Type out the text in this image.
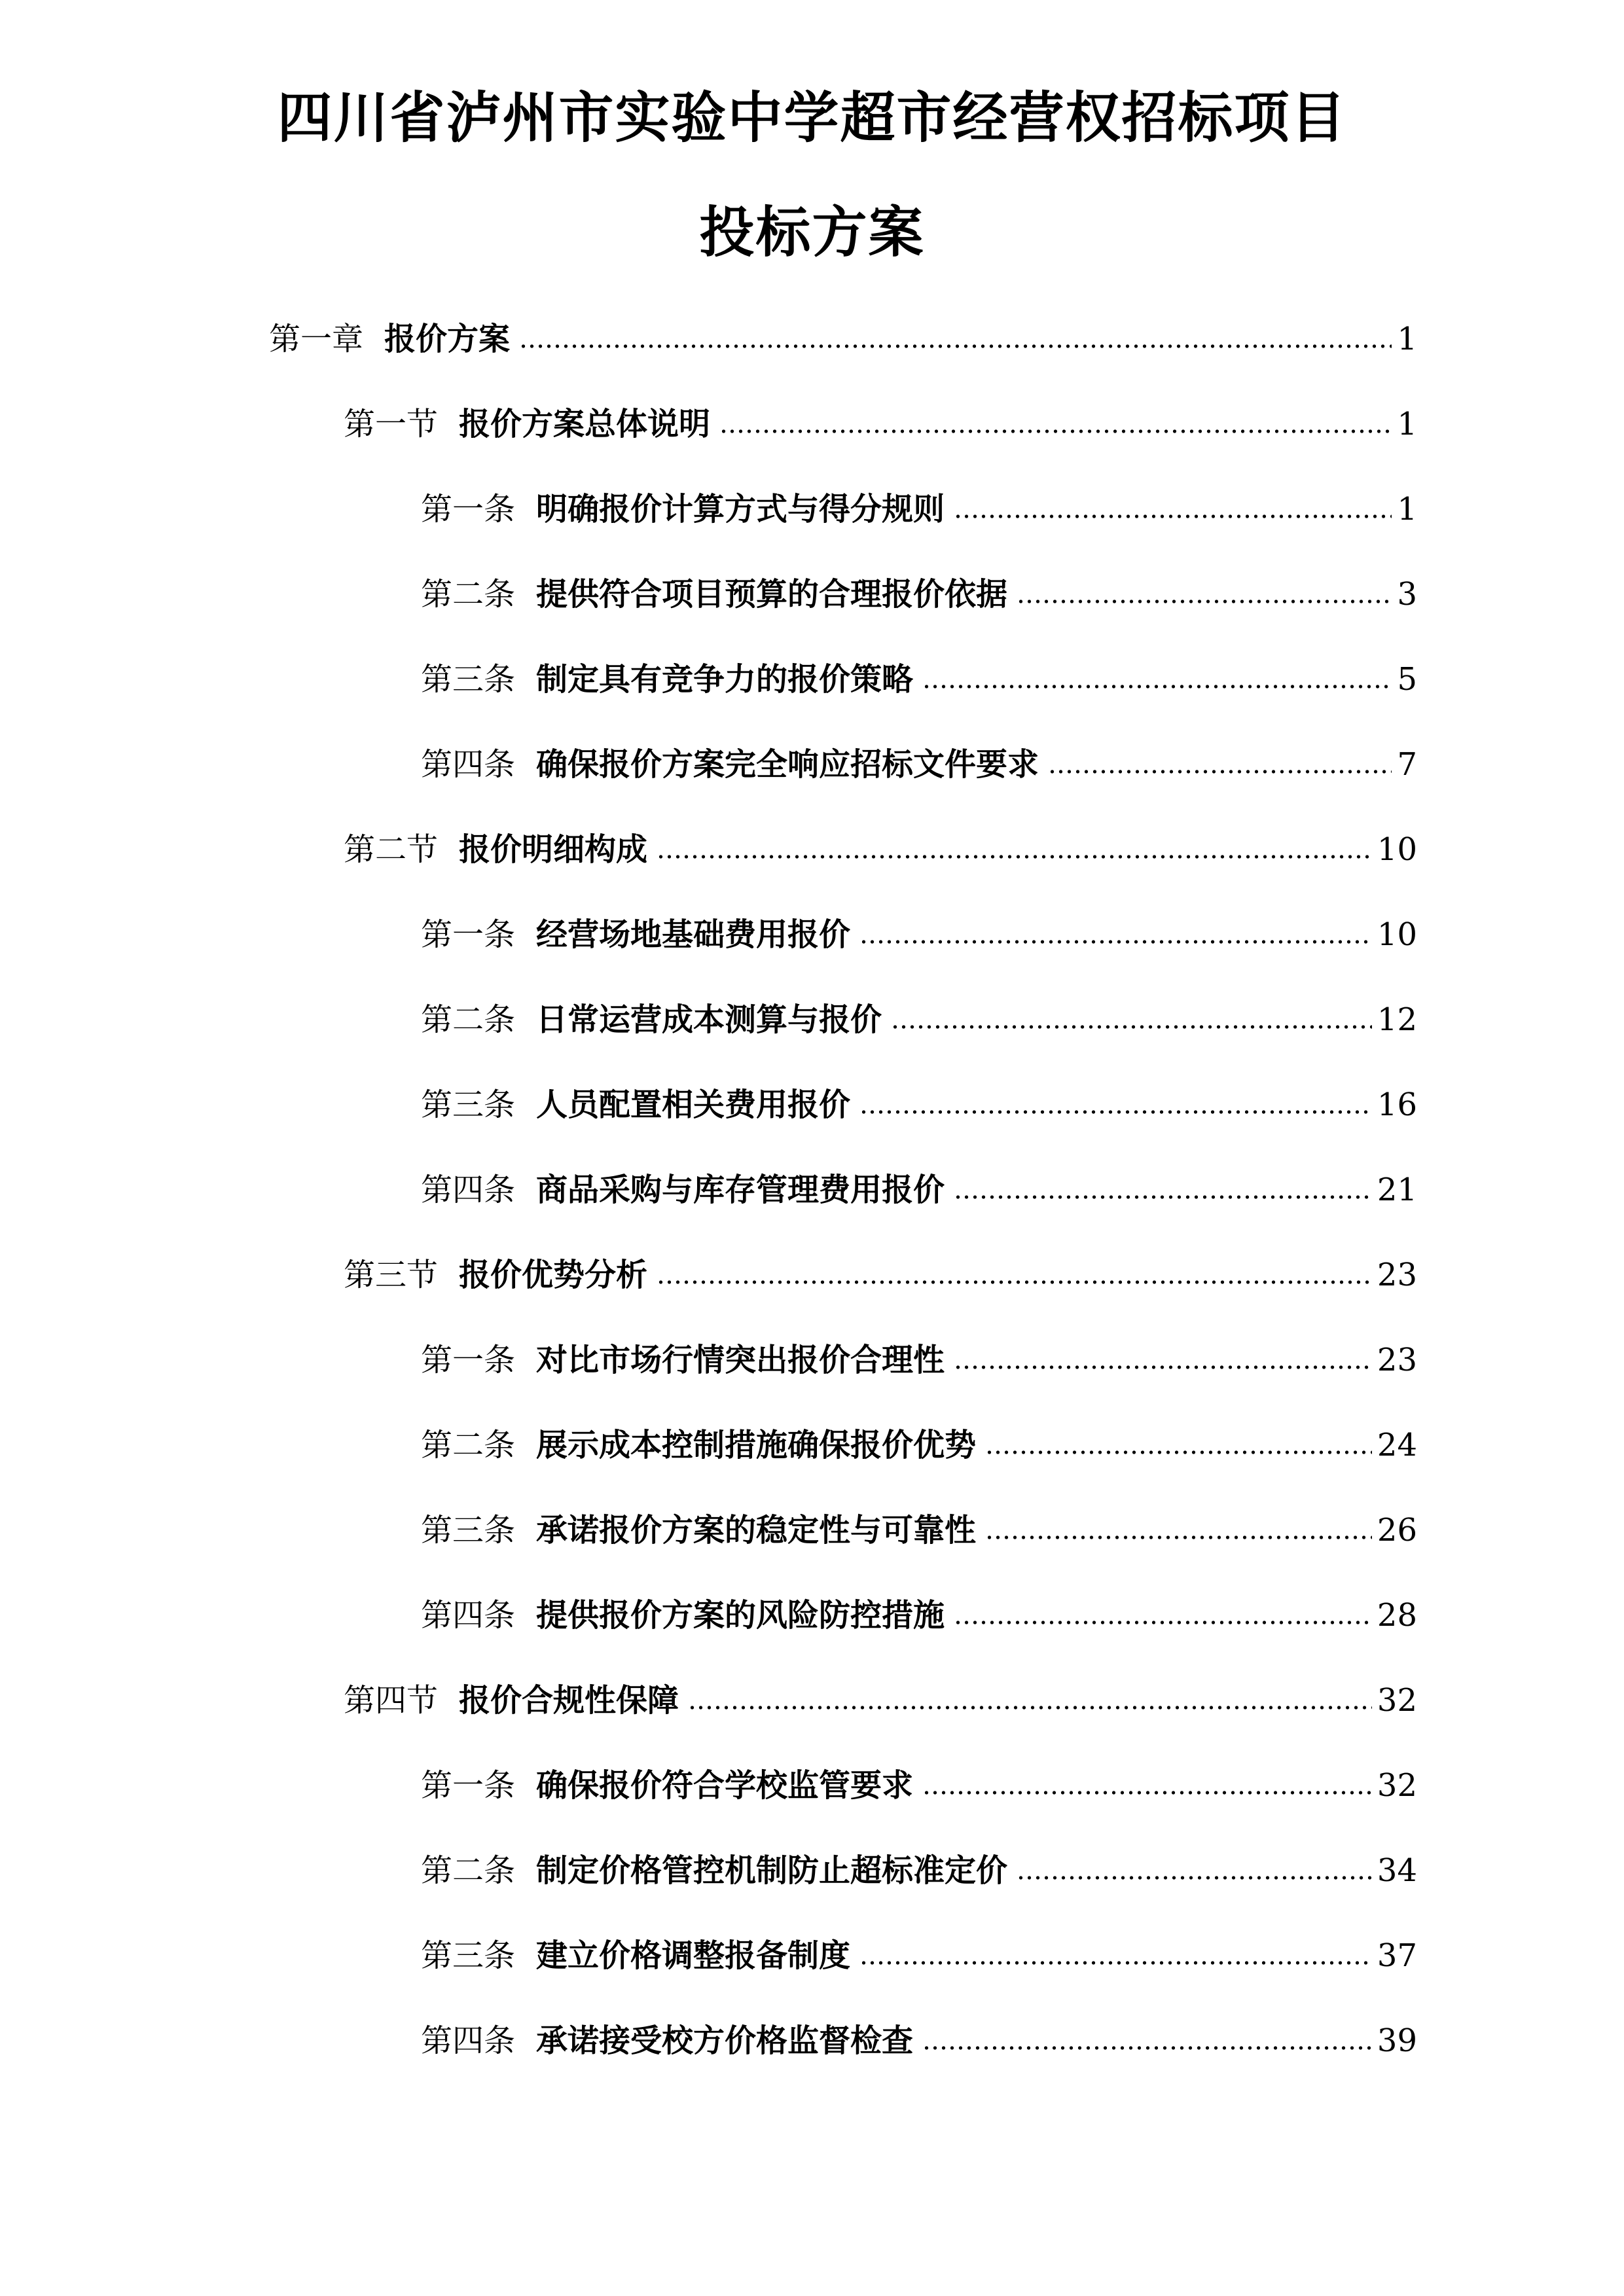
四川省泸州市实验中学超市经营权招标项目
投标方案
第一章 报价方案	1
第一节 报价方案总体说明	1
第一条 明确报价计算方式与得分规则	1
第二条 提供符合项目预算的合理报价依据	3
第三条 制定具有竞争力的报价策略	5
第四条 确保报价方案完全响应招标文件要求	7
第二节 报价明细构成	10
第一条 经营场地基础费用报价	10
第二条 日常运营成本测算与报价	12
第三条 人员配置相关费用报价	16
第四条 商品采购与库存管理费用报价	21
第三节 报价优势分析	23
第一条 对比市场行情突出报价合理性	23
第二条 展示成本控制措施确保报价优势	24
第三条 承诺报价方案的稳定性与可靠性	26
第四条 提供报价方案的风险防控措施	28
第四节 报价合规性保障	32
第一条 确保报价符合学校监管要求	32
第二条 制定价格管控机制防止超标准定价	34
第三条 建立价格调整报备制度	37
第四条 承诺接受校方价格监督检查	39
